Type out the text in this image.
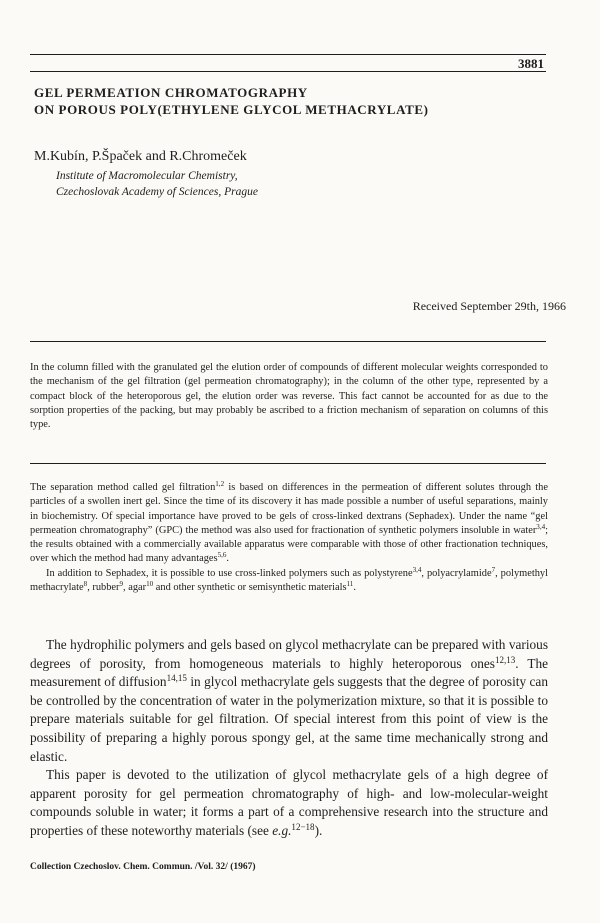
3881
GEL PERMEATION CHROMATOGRAPHY
ON POROUS POLY(ETHYLENE GLYCOL METHACRYLATE)
M.Kubín, P.Špaček and R.Chromeček
Institute of Macromolecular Chemistry,
Czechoslovak Academy of Sciences, Prague
Received September 29th, 1966
In the column filled with the granulated gel the elution order of compounds of different molecular weights corresponded to the mechanism of the gel filtration (gel permeation chromatography); in the column of the other type, represented by a compact block of the heteroporous gel, the elution order was reverse. This fact cannot be accounted for as due to the sorption properties of the packing, but may probably be ascribed to a friction mechanism of separation on columns of this type.

The separation method called gel filtration$^{1,2}$ is based on differences in the permeation of different solutes through the particles of a swollen inert gel. Since the time of its discovery it has made possible a number of useful separations, mainly in biochemistry. Of special importance have proved to be gels of cross-linked dextrans (Sephadex). Under the name “gel permeation chromatography” (GPC) the method was also used for fractionation of synthetic polymers insoluble in water$^{3,4}$; the results obtained with a commercially available apparatus were comparable with those of other fractionation techniques, over which the method had many advantages$^{5,6}$.

In addition to Sephadex, it is possible to use cross-linked polymers such as polystyrene$^{3,4}$, polyacrylamide$^7$, polymethyl methacrylate$^8$, rubber$^9$, agar$^{10}$ and other synthetic or semisynthetic materials$^{11}$.

The hydrophilic polymers and gels based on glycol methacrylate can be prepared with various degrees of porosity, from homogeneous materials to highly heteroporous ones$^{12,13}$. The measurement of diffusion$^{14,15}$ in glycol methacrylate gels suggests that the degree of porosity can be controlled by the concentration of water in the polymerization mixture, so that it is possible to prepare materials suitable for gel filtration. Of special interest from this point of view is the possibility of preparing a highly porous spongy gel, at the same time mechanically strong and elastic.

This paper is devoted to the utilization of glycol methacrylate gels of a high degree of apparent porosity for gel permeation chromatography of high- and low-molecular-weight compounds soluble in water; it forms a part of a comprehensive research into the structure and properties of these noteworthy materials (see e.g.$^{12-18}$).

Collection Czechoslov. Chem. Commun. /Vol. 32/ (1967)
